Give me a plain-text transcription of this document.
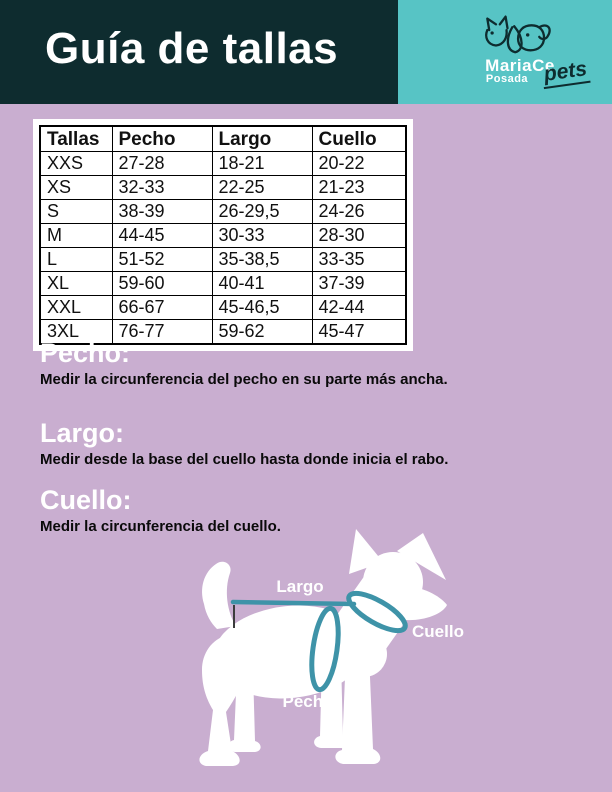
Guía de tallas	MariaCe
Posada pets
Tallas	Pecho	Largo	Cuello
XXS	27-28	18-21	20-22
XS	32-33	22-25	21-23
S	38-39	26-29,5	24-26
M	44-45	30-33	28-30
L	51-52	35-38,5	33-35
XL	59-60	40-41	37-39
XXL	66-67	45-46,5	42-44
3XL	76-77	59-62	45-47
Pecho:
Medir la circunferencia del pecho en su parte más ancha.
Largo:
Medir desde la base del cuello hasta donde inicia el rabo.
Cuello:
Medir la circunferencia del cuello.
Largo
Cuello
Pecho
